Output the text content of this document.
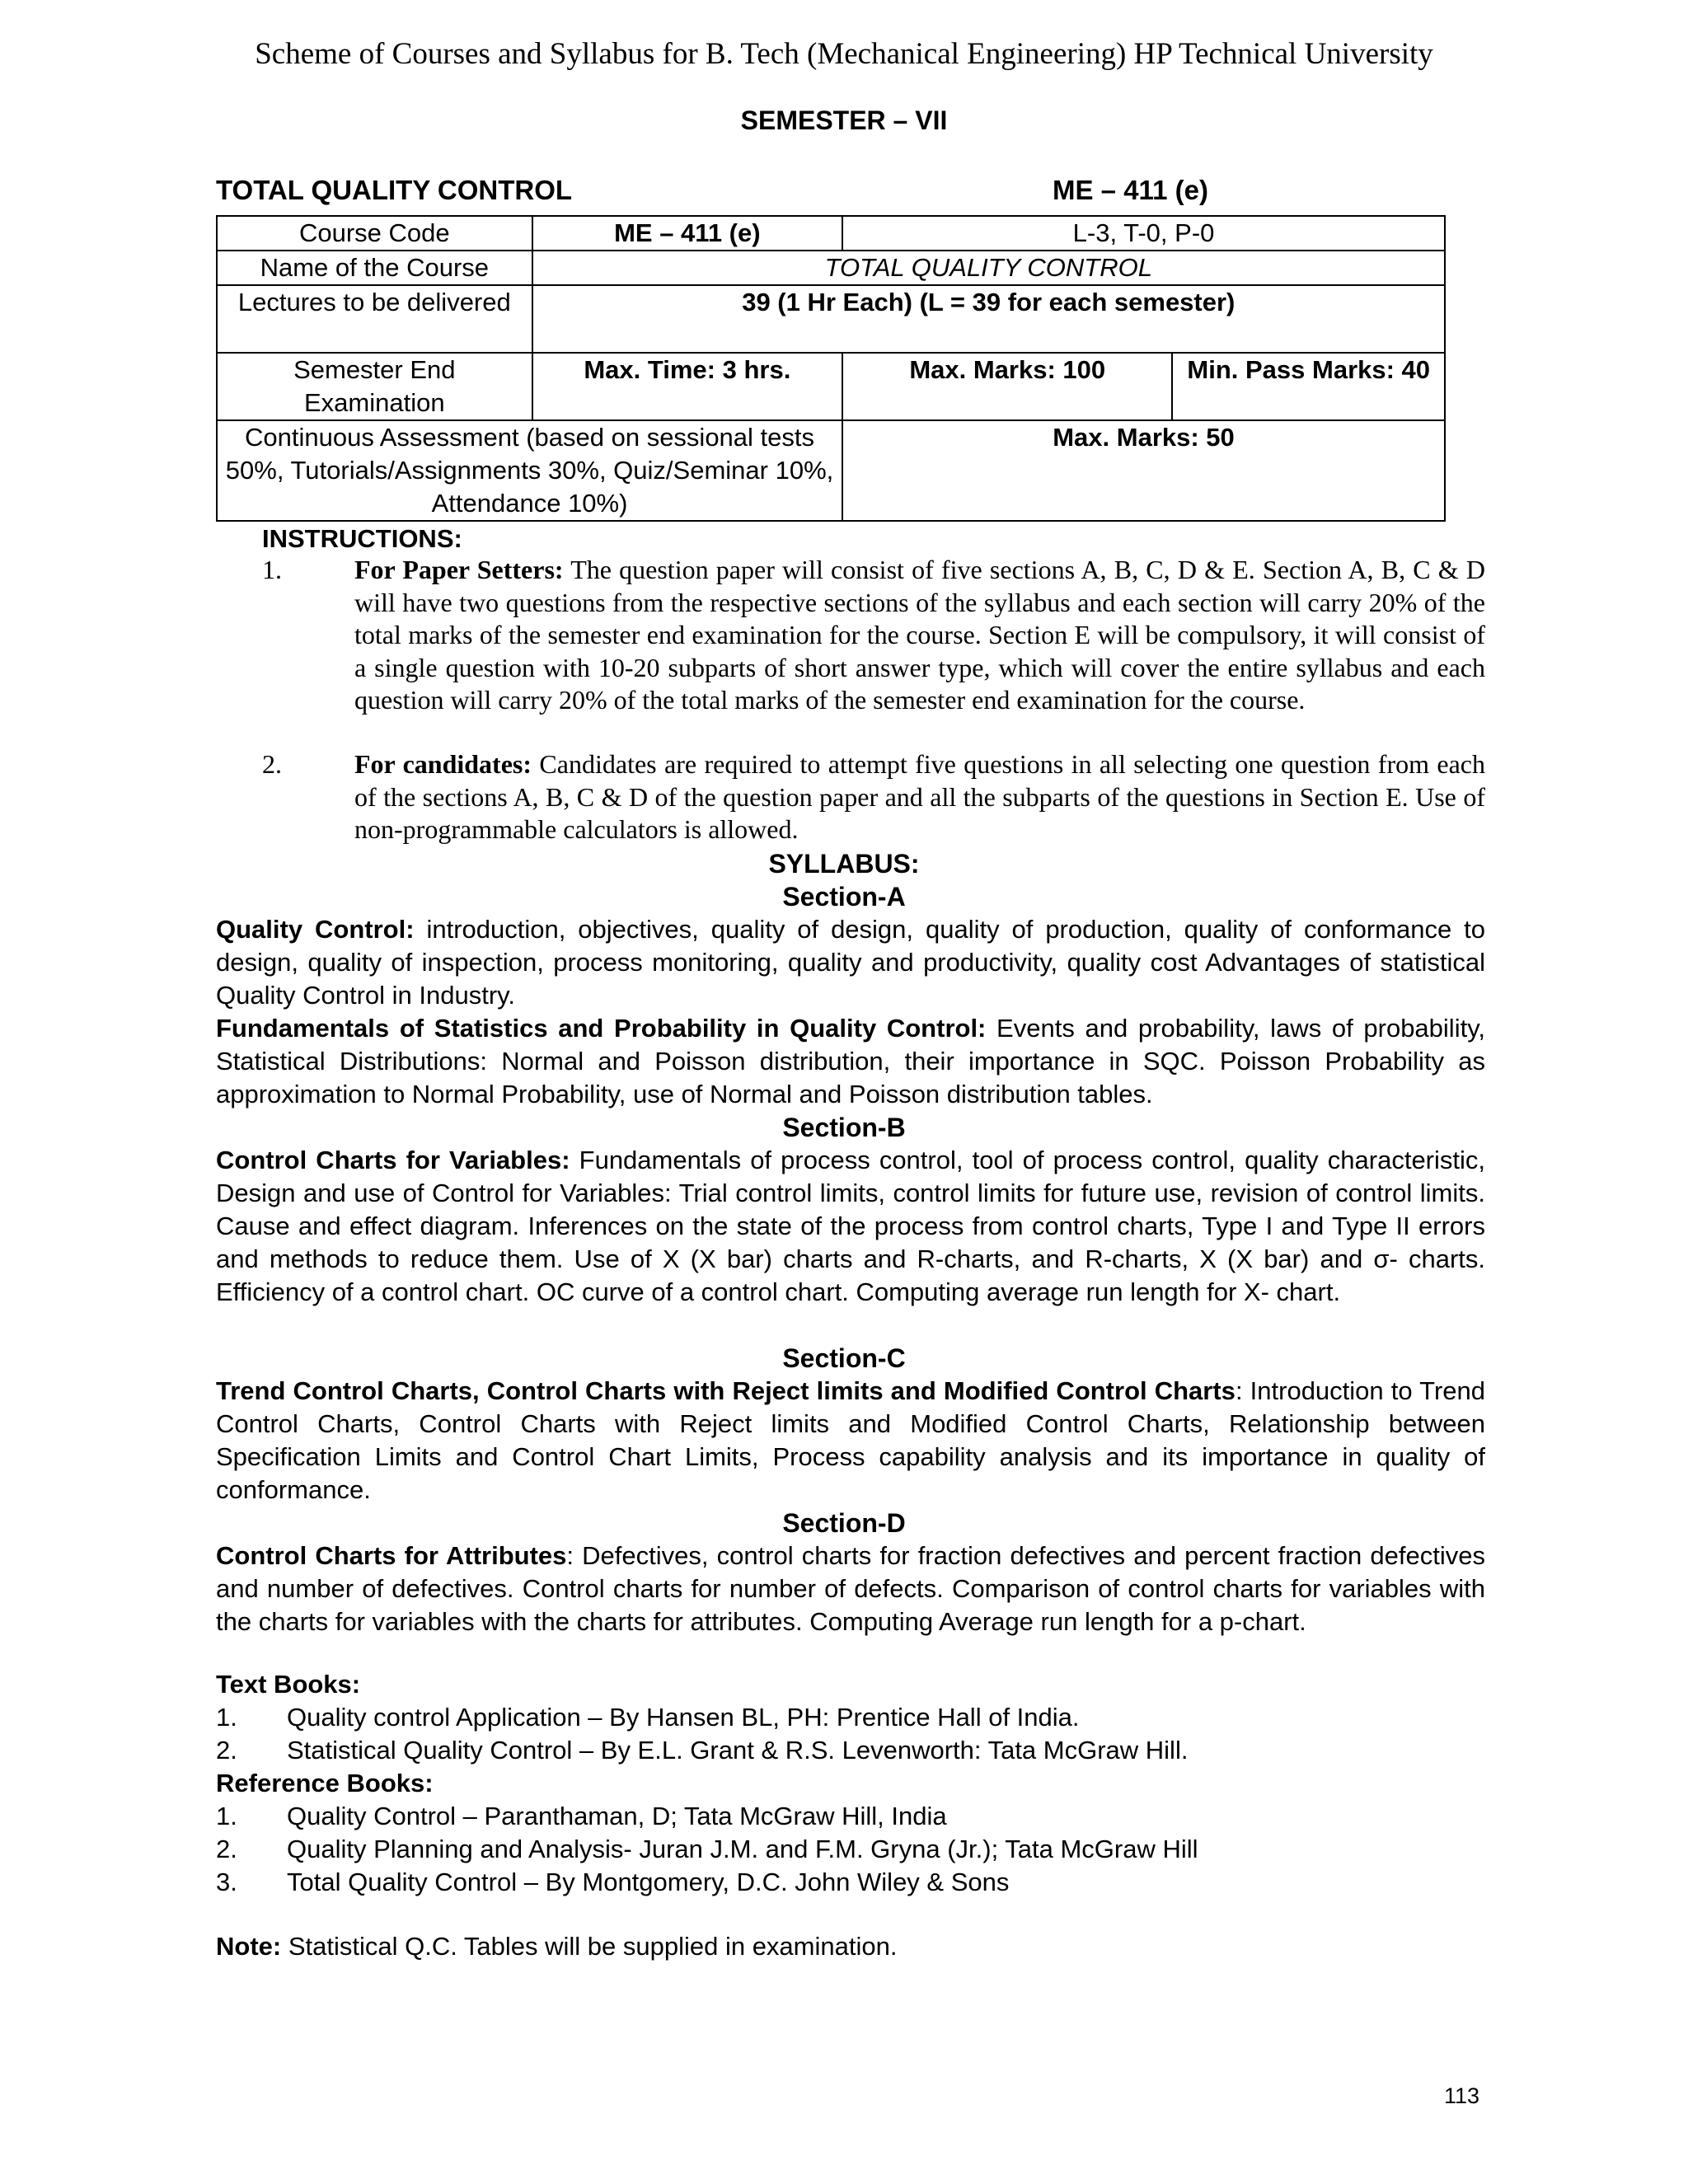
Scheme of Courses and Syllabus for B. Tech (Mechanical Engineering) HP Technical University
SEMESTER – VII
TOTAL QUALITY CONTROL	ME – 411 (e)
Course Code	ME – 411 (e)	L-3, T-0, P-0	
Name of the Course	TOTAL QUALITY CONTROL		
Lectures to be delivered	39 (1 Hr Each) (L = 39 for each semester)		
Semester End Examination	Max. Time: 3 hrs.	Max. Marks: 100	Min. Pass Marks: 40
Continuous Assessment (based on sessional tests 50%, Tutorials/Assignments 30%, Quiz/Seminar 10%, Attendance 10%)		Max. Marks: 50	
INSTRUCTIONS:
1.	For Paper Setters: The question paper will consist of five sections A, B, C, D & E. Section A, B, C & D will have two questions from the respective sections of the syllabus and each section will carry 20% of the total marks of the semester end examination for the course. Section E will be compulsory, it will consist of a single question with 10-20 subparts of short answer type, which will cover the entire syllabus and each question will carry 20% of the total marks of the semester end examination for the course.
2.	For candidates: Candidates are required to attempt five questions in all selecting one question from each of the sections A, B, C & D of the question paper and all the subparts of the questions in Section E. Use of non-programmable calculators is allowed.
SYLLABUS:
Section-A
Quality Control: introduction, objectives, quality of design, quality of production, quality of conformance to design, quality of inspection, process monitoring, quality and productivity, quality cost Advantages of statistical Quality Control in Industry.
Fundamentals of Statistics and Probability in Quality Control: Events and probability, laws of probability, Statistical Distributions: Normal and Poisson distribution, their importance in SQC. Poisson Probability as approximation to Normal Probability, use of Normal and Poisson distribution tables.
Section-B
Control Charts for Variables: Fundamentals of process control, tool of process control, quality characteristic, Design and use of Control for Variables: Trial control limits, control limits for future use, revision of control limits. Cause and effect diagram. Inferences on the state of the process from control charts, Type I and Type II errors and methods to reduce them. Use of X (X bar) charts and R-charts, and R-charts, X (X bar) and σ- charts. Efficiency of a control chart. OC curve of a control chart. Computing average run length for X- chart.
Section-C
Trend Control Charts, Control Charts with Reject limits and Modified Control Charts: Introduction to Trend Control Charts, Control Charts with Reject limits and Modified Control Charts, Relationship between Specification Limits and Control Chart Limits, Process capability analysis and its importance in quality of conformance.
Section-D
Control Charts for Attributes: Defectives, control charts for fraction defectives and percent fraction defectives and number of defectives. Control charts for number of defects. Comparison of control charts for variables with the charts for variables with the charts for attributes. Computing Average run length for a p-chart.
Text Books:
1. Quality control Application – By Hansen BL, PH: Prentice Hall of India.
2. Statistical Quality Control – By E.L. Grant & R.S. Levenworth: Tata McGraw Hill.
Reference Books:
1. Quality Control – Paranthaman, D; Tata McGraw Hill, India
2. Quality Planning and Analysis- Juran J.M. and F.M. Gryna (Jr.); Tata McGraw Hill
3. Total Quality Control – By Montgomery, D.C. John Wiley & Sons
Note: Statistical Q.C. Tables will be supplied in examination.
113
